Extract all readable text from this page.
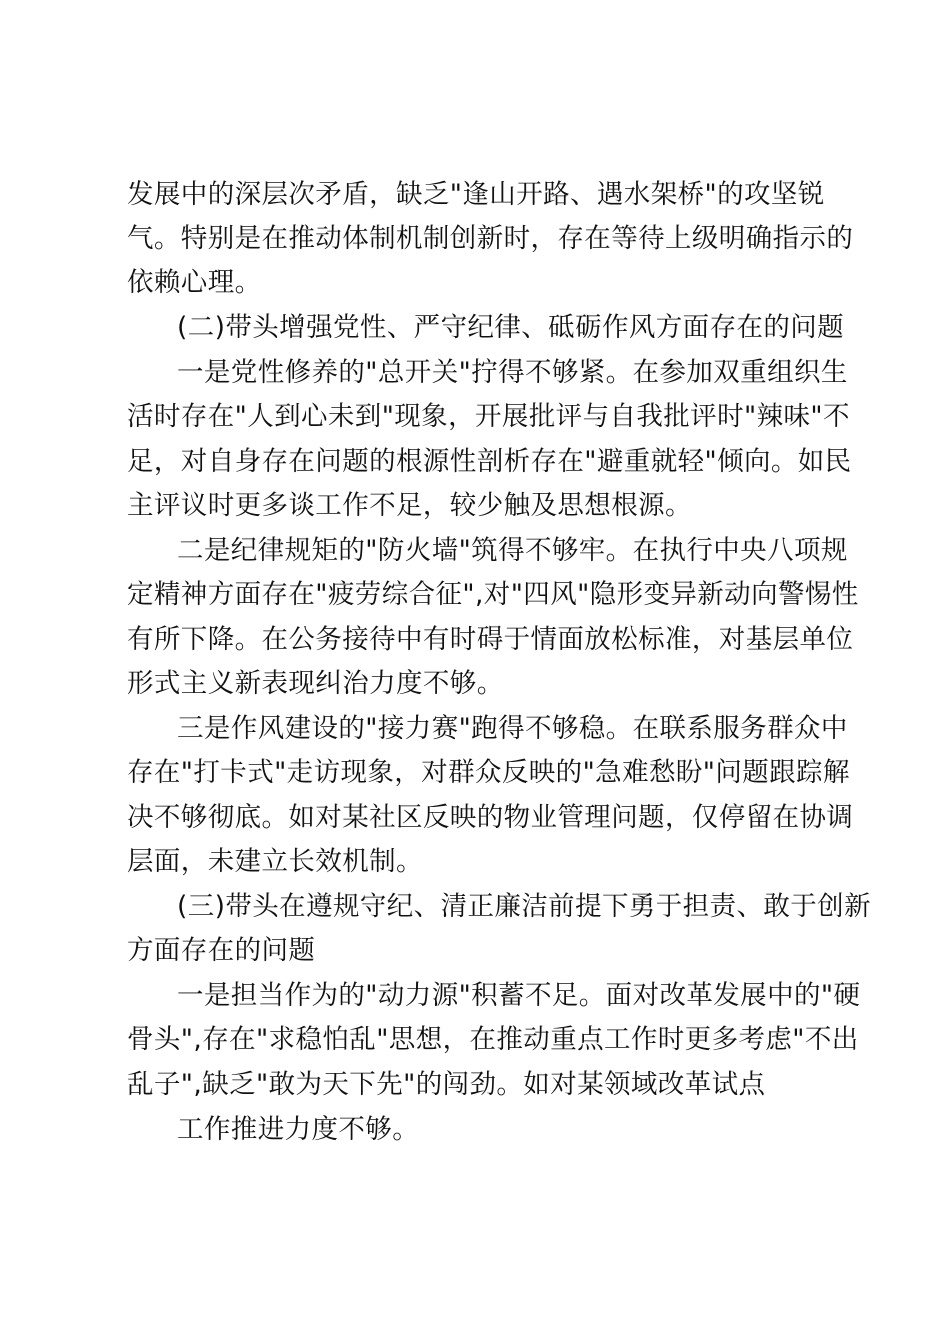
发展中的深层次矛盾，缺乏"逢山开路、遇水架桥"的攻坚锐
气。特别是在推动体制机制创新时，存在等待上级明确指示的
依赖心理。
(二)带头增强党性、严守纪律、砥砺作风方面存在的问题
一是党性修养的"总开关"拧得不够紧。在参加双重组织生
活时存在"人到心未到"现象，开展批评与自我批评时"辣味"不
足，对自身存在问题的根源性剖析存在"避重就轻"倾向。如民
主评议时更多谈工作不足，较少触及思想根源。
二是纪律规矩的"防火墙"筑得不够牢。在执行中央八项规
定精神方面存在"疲劳综合征",对"四风"隐形变异新动向警惕性
有所下降。在公务接待中有时碍于情面放松标准，对基层单位
形式主义新表现纠治力度不够。
三是作风建设的"接力赛"跑得不够稳。在联系服务群众中
存在"打卡式"走访现象，对群众反映的"急难愁盼"问题跟踪解
决不够彻底。如对某社区反映的物业管理问题，仅停留在协调
层面，未建立长效机制。
(三)带头在遵规守纪、清正廉洁前提下勇于担责、敢于创新
方面存在的问题
一是担当作为的"动力源"积蓄不足。面对改革发展中的"硬
骨头",存在"求稳怕乱"思想，在推动重点工作时更多考虑"不出
乱子",缺乏"敢为天下先"的闯劲。如对某领域改革试点
工作推进力度不够。
